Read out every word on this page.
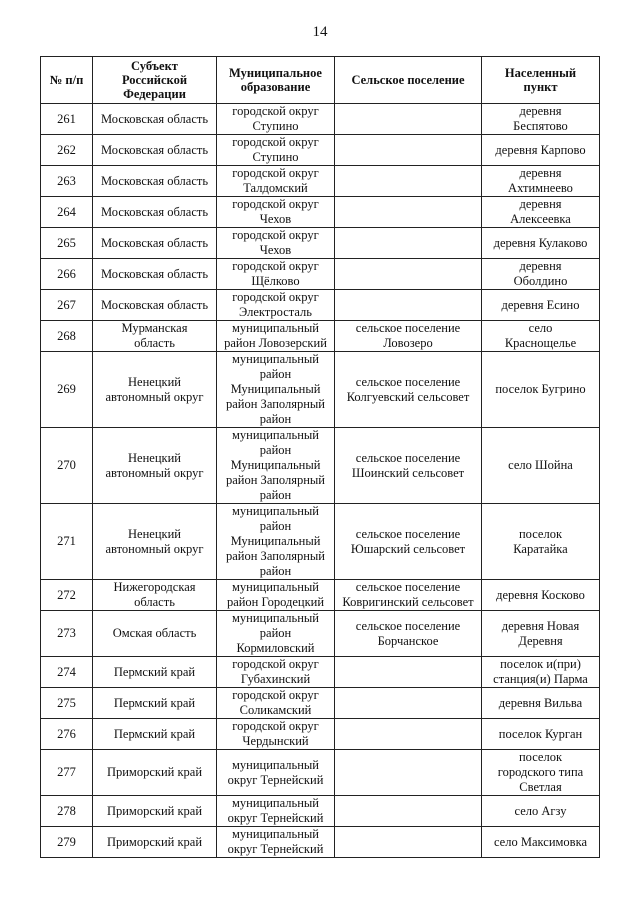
14
№ п/п	Субъект
Российской
Федерации	Муниципальное
образование	Сельское поселение	Населенный
пункт

261	Московская область	городской округ
Ступино		деревня
Беспятово

262	Московская область	городской округ
Ступино		деревня Карпово

263	Московская область	городской округ
Талдомский		деревня
Ахтимнеево

264	Московская область	городской округ
Чехов		деревня
Алексеевка

265	Московская область	городской округ
Чехов		деревня Кулаково

266	Московская область	городской округ
Щёлково		деревня
Оболдино

267	Московская область	городской округ
Электросталь		деревня Есино

268	Мурманская
область	муниципальный
район Ловозерский	сельское поселение
Ловозеро	село
Краснощелье

269	Ненецкий
автономный округ	муниципальный
район
Муниципальный
район Заполярный
район	сельское поселение
Колгуевский сельсовет	поселок Бугрино

270	Ненецкий
автономный округ	муниципальный
район
Муниципальный
район Заполярный
район	сельское поселение
Шоинский сельсовет	село Шойна

271	Ненецкий
автономный округ	муниципальный
район
Муниципальный
район Заполярный
район	сельское поселение
Юшарский сельсовет	поселок
Каратайка

272	Нижегородская
область	муниципальный
район Городецкий	сельское поселение
Ковригинский сельсовет	деревня Косково

273	Омская область	муниципальный
район
Кормиловский	сельское поселение
Борчанское	деревня Новая
Деревня

274	Пермский край	городской округ
Губахинский		поселок и(при)
станция(и) Парма

275	Пермский край	городской округ
Соликамский		деревня Вильва

276	Пермский край	городской округ
Чердынский		поселок Курган

277	Приморский край	муниципальный
округ Тернейский		поселок
городского типа
Светлая

278	Приморский край	муниципальный
округ Тернейский		село Агзу

279	Приморский край	муниципальный
округ Тернейский		село Максимовка
